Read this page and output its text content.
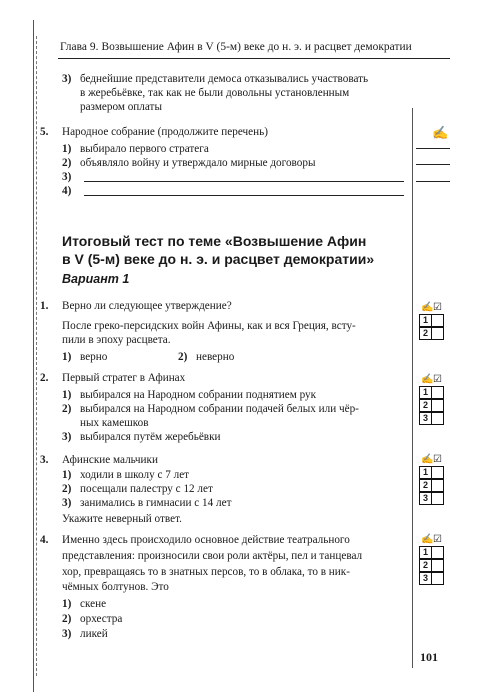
Глава 9. Возвышение Афин в V (5-м) веке до н. э. и расцвет демократии
3) беднейшие представители демоса отказывались участвовать
в жеребьёвке, так как не были довольны установленным
размером оплаты
5. Народное собрание (продолжите перечень)
1) выбирало первого стратега
2) объявляло войну и утверждало мирные договоры
3)
4)
✍
Итоговый тест по теме «Возвышение Афин
в V (5-м) веке до н. э. и расцвет демократии»
Вариант 1
1. Верно ли следующее утверждение?
После греко-персидских войн Афины, как и вся Греция, всту-
пили в эпоху расцвета.
1) верно	2) неверно
✍☑
1
2
2. Первый стратег в Афинах
1) выбирался на Народном собрании поднятием рук
2) выбирался на Народном собрании подачей белых или чёр-
ных камешков
3) выбирался путём жеребьёвки
✍☑
1
2
3
3. Афинские мальчики
1) ходили в школу с 7 лет
2) посещали палестру с 12 лет
3) занимались в гимнасии с 14 лет
Укажите неверный ответ.
✍☑
1
2
3
4. Именно здесь происходило основное действие театрального
представления: произносили свои роли актёры, пел и танцевал
хор, превращаясь то в знатных персов, то в облака, то в ник-
чёмных болтунов. Это
1) скене
2) орхестра
3) ликей
✍☑
1
2
3
101
